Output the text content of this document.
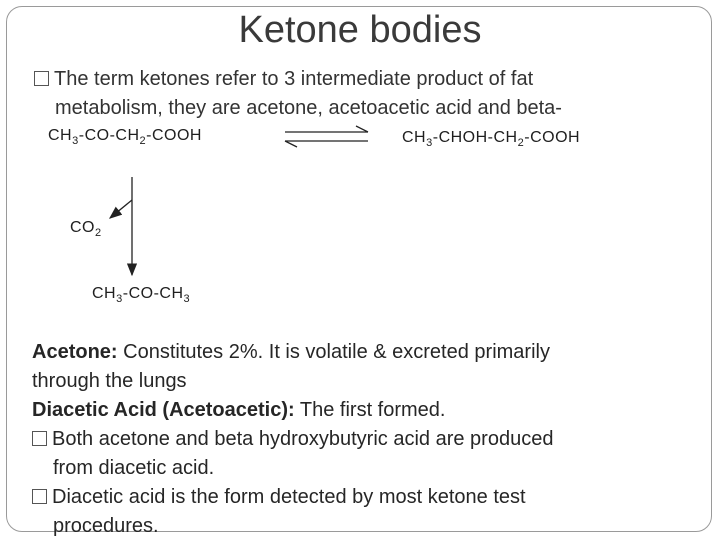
Ketone bodies
The term ketones refer to 3 intermediate product of fat
metabolism, they are acetone, acetoacetic acid and beta-
$CH_3-CO-CH_2$-COOH	$CH_3-CHOH-CH_2$-COOH
$CO_2$
$CH_3-CO-CH_3$
Acetone: Constitutes 2%. It is volatile & excreted primarily
through the lungs
Diacetic Acid (Acetoacetic): The first formed.
Both acetone and beta hydroxybutyric acid are produced
from diacetic acid.
Diacetic acid is the form detected by most ketone test
procedures.
